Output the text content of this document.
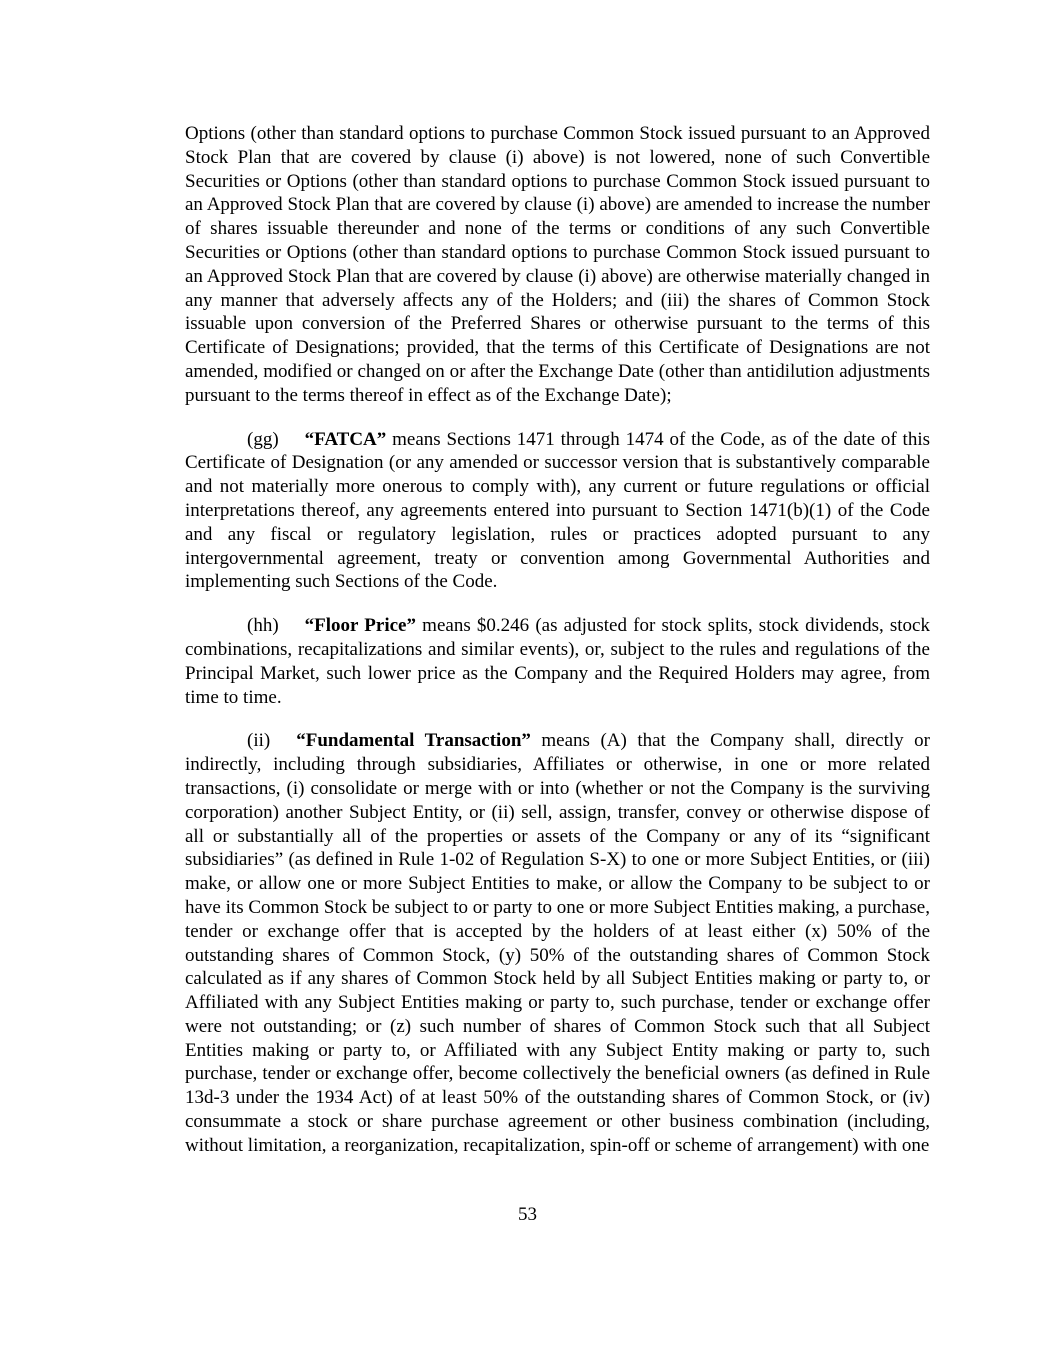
Options (other than standard options to purchase Common Stock issued pursuant to an Approved Stock Plan that are covered by clause (i) above) is not lowered, none of such Convertible Securities or Options (other than standard options to purchase Common Stock issued pursuant to an Approved Stock Plan that are covered by clause (i) above) are amended to increase the number of shares issuable thereunder and none of the terms or conditions of any such Convertible Securities or Options (other than standard options to purchase Common Stock issued pursuant to an Approved Stock Plan that are covered by clause (i) above) are otherwise materially changed in any manner that adversely affects any of the Holders; and (iii) the shares of Common Stock issuable upon conversion of the Preferred Shares or otherwise pursuant to the terms of this Certificate of Designations; provided, that the terms of this Certificate of Designations are not amended, modified or changed on or after the Exchange Date (other than antidilution adjustments pursuant to the terms thereof in effect as of the Exchange Date);

(gg) “FATCA” means Sections 1471 through 1474 of the Code, as of the date of this Certificate of Designation (or any amended or successor version that is substantively comparable and not materially more onerous to comply with), any current or future regulations or official interpretations thereof, any agreements entered into pursuant to Section 1471(b)(1) of the Code and any fiscal or regulatory legislation, rules or practices adopted pursuant to any intergovernmental agreement, treaty or convention among Governmental Authorities and implementing such Sections of the Code.

(hh) “Floor Price” means $0.246 (as adjusted for stock splits, stock dividends, stock combinations, recapitalizations and similar events), or, subject to the rules and regulations of the Principal Market, such lower price as the Company and the Required Holders may agree, from time to time.

(ii) “Fundamental Transaction” means (A) that the Company shall, directly or indirectly, including through subsidiaries, Affiliates or otherwise, in one or more related transactions, (i) consolidate or merge with or into (whether or not the Company is the surviving corporation) another Subject Entity, or (ii) sell, assign, transfer, convey or otherwise dispose of all or substantially all of the properties or assets of the Company or any of its “significant subsidiaries” (as defined in Rule 1-02 of Regulation S-X) to one or more Subject Entities, or (iii) make, or allow one or more Subject Entities to make, or allow the Company to be subject to or have its Common Stock be subject to or party to one or more Subject Entities making, a purchase, tender or exchange offer that is accepted by the holders of at least either (x) 50% of the outstanding shares of Common Stock, (y) 50% of the outstanding shares of Common Stock calculated as if any shares of Common Stock held by all Subject Entities making or party to, or Affiliated with any Subject Entities making or party to, such purchase, tender or exchange offer were not outstanding; or (z) such number of shares of Common Stock such that all Subject Entities making or party to, or Affiliated with any Subject Entity making or party to, such purchase, tender or exchange offer, become collectively the beneficial owners (as defined in Rule 13d-3 under the 1934 Act) of at least 50% of the outstanding shares of Common Stock, or (iv) consummate a stock or share purchase agreement or other business combination (including, without limitation, a reorganization, recapitalization, spin-off or scheme of arrangement) with one

53
